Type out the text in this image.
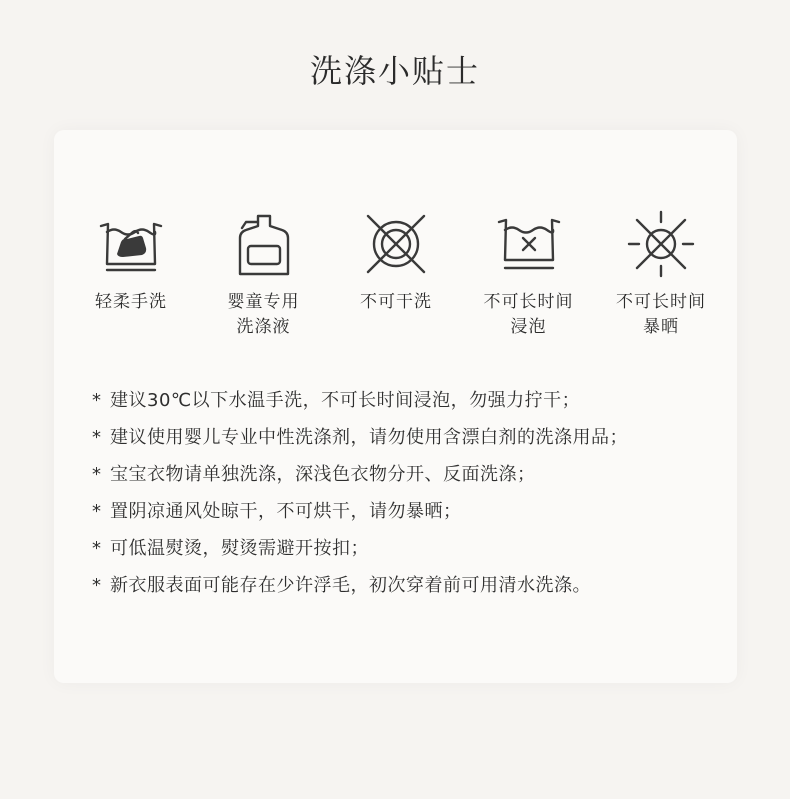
洗涤小贴士
轻柔手洗	婴童专用
洗涤液
不可干洗	不可长时间
浸泡
不可长时间
暴晒
* 建议30℃以下水温手洗，不可长时间浸泡，勿强力拧干；
* 建议使用婴儿专业中性洗涤剂，请勿使用含漂白剂的洗涤用品；
* 宝宝衣物请单独洗涤，深浅色衣物分开、反面洗涤；
* 置阴凉通风处晾干，不可烘干，请勿暴晒；
* 可低温熨烫，熨烫需避开按扣；
* 新衣服表面可能存在少许浮毛，初次穿着前可用清水洗涤。
